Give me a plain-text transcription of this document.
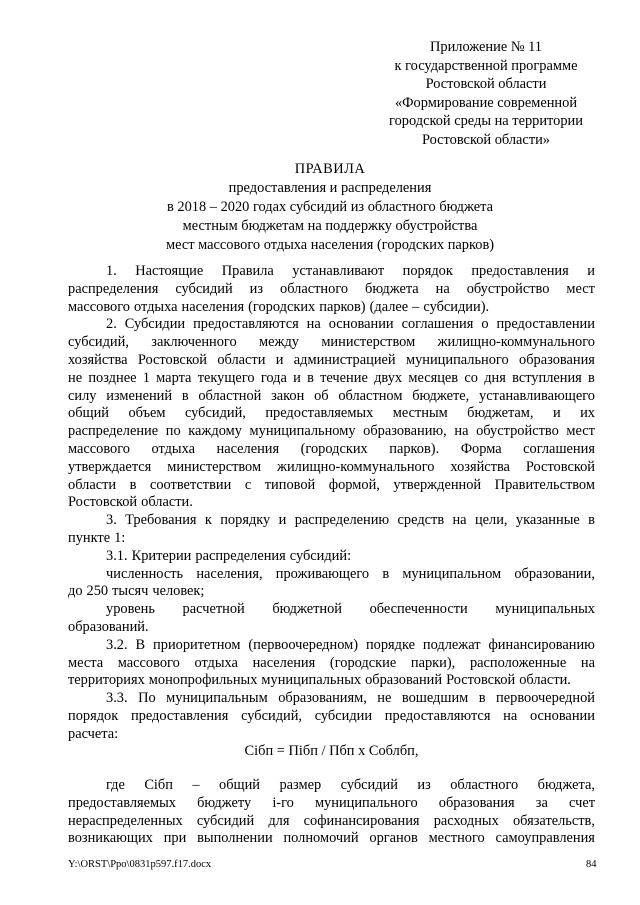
Приложение № 11
к государственной программе
Ростовской области
«Формирование современной
городской среды на территории
Ростовской области»
ПРАВИЛА
предоставления и распределения
в 2018 – 2020 годах субсидий из областного бюджета
местным бюджетам на поддержку обустройства
мест массового отдыха населения (городских парков)
1. Настоящие Правила устанавливают порядок предоставления и
распределения субсидий из областного бюджета на обустройство мест
массового отдыха населения (городских парков) (далее – субсидии).
2. Субсидии предоставляются на основании соглашения о предоставлении
субсидий, заключенного между министерством жилищно-коммунального
хозяйства Ростовской области и администрацией муниципального образования
не позднее 1 марта текущего года и в течение двух месяцев со дня вступления в
силу изменений в областной закон об областном бюджете, устанавливающего
общий объем субсидий, предоставляемых местным бюджетам, и их
распределение по каждому муниципальному образованию, на обустройство мест
массового отдыха населения (городских парков). Форма соглашения
утверждается министерством жилищно-коммунального хозяйства Ростовской
области в соответствии с типовой формой, утвержденной Правительством
Ростовской области.
3. Требования к порядку и распределению средств на цели, указанные в
пункте 1:
3.1. Критерии распределения субсидий:
численность населения, проживающего в муниципальном образовании,
до 250 тысяч человек;
уровень расчетной бюджетной обеспеченности муниципальных
образований.
3.2. В приоритетном (первоочередном) порядке подлежат финансированию
места массового отдыха населения (городские парки), расположенные на
территориях монопрофильных муниципальных образований Ростовской области.
3.3. По муниципальным образованиям, не вошедшим в первоочередной
порядок предоставления субсидий, субсидии предоставляются на основании
расчета:
Сiбп = Пiбп / Пбп х Соблбп,
где Сiбп – общий размер субсидий из областного бюджета,
предоставляемых бюджету i-го муниципального образования за счет
нераспределенных субсидий для софинансирования расходных обязательств,
возникающих при выполнении полномочий органов местного самоуправления
Y:\ORST\Ppo\0831p597.f17.docx	84
